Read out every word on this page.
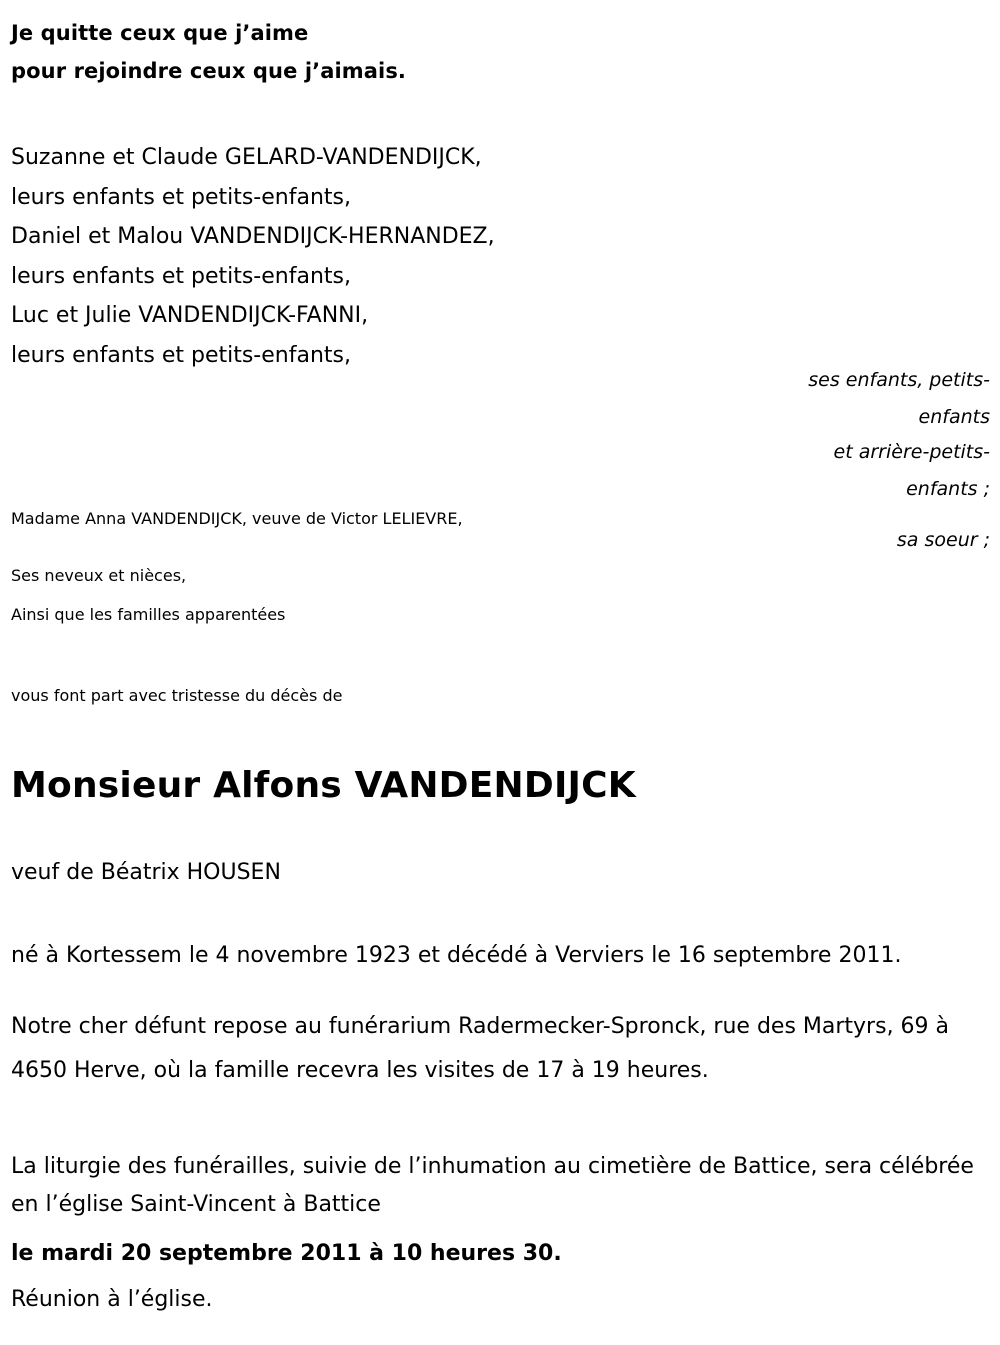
Je quitte ceux que j’aime
pour rejoindre ceux que j’aimais.
Suzanne et Claude GELARD-VANDENDIJCK,
leurs enfants et petits-enfants,
Daniel et Malou VANDENDIJCK-HERNANDEZ,
leurs enfants et petits-enfants,
Luc et Julie VANDENDIJCK-FANNI,
leurs enfants et petits-enfants,
ses enfants, petits-
enfants
et arrière-petits-
enfants ;
Madame Anna VANDENDIJCK, veuve de Victor LELIEVRE,
sa soeur ;
Ses neveux et nièces,
Ainsi que les familles apparentées
vous font part avec tristesse du décès de
Monsieur Alfons VANDENDIJCK
veuf de Béatrix HOUSEN
né à Kortessem le 4 novembre 1923 et décédé à Verviers le 16 septembre 2011.
Notre cher défunt repose au funérarium Radermecker-Spronck, rue des Martyrs, 69 à 4650 Herve, où la famille recevra les visites de 17 à 19 heures.
La liturgie des funérailles, suivie de l’inhumation au cimetière de Battice, sera célébrée en l’église Saint-Vincent à Battice
le mardi 20 septembre 2011 à 10 heures 30.
Réunion à l’église.
